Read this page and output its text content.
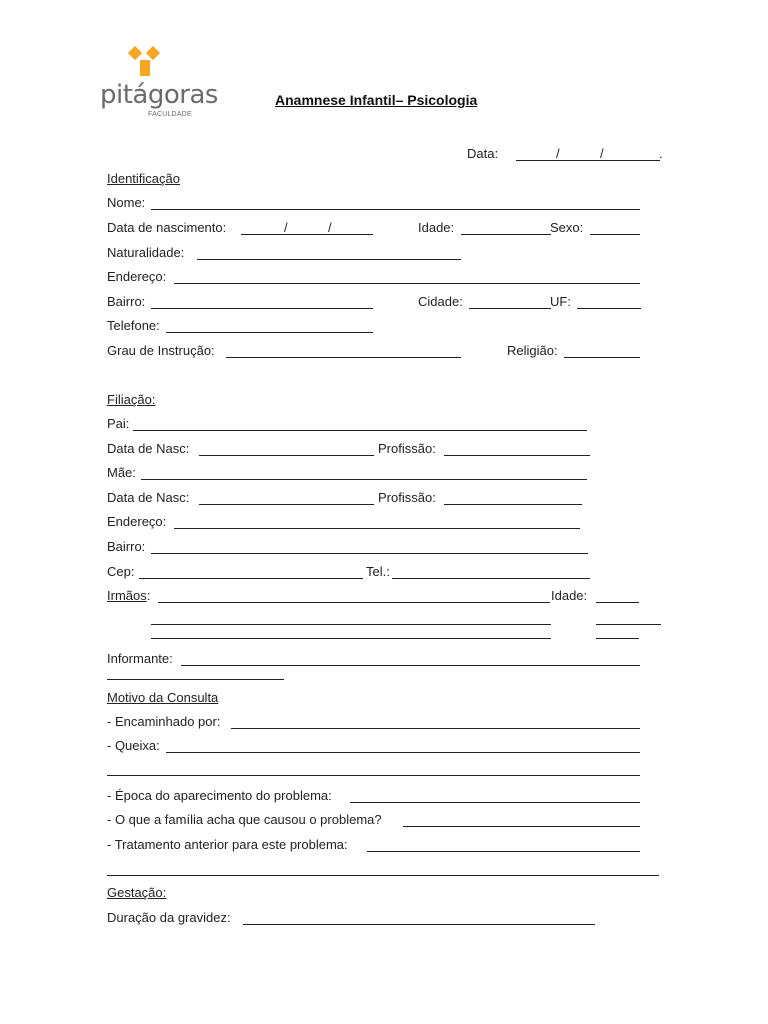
pitágoras
FACULDADE
Anamnese Infantil– Psicologia
Data:	/	/	.
Identificação
Nome:
Data de nascimento:	/	/	Idade:	Sexo:
Naturalidade:
Endereço:
Bairro:	Cidade:	UF:
Telefone:
Grau de Instrução:	Religião:
Filiação:
Pai:
Data de Nasc:	Profissão:
Mãe:
Data de Nasc:	Profissão:
Endereço:
Bairro:
Cep:	Tel.:
Irmãos:	Idade:
Informante:
Motivo da Consulta
- Encaminhado por:
- Queixa:
- Época do aparecimento do problema:
- O que a família acha que causou o problema?
- Tratamento anterior para este problema:
Gestação:
Duração da gravidez:
